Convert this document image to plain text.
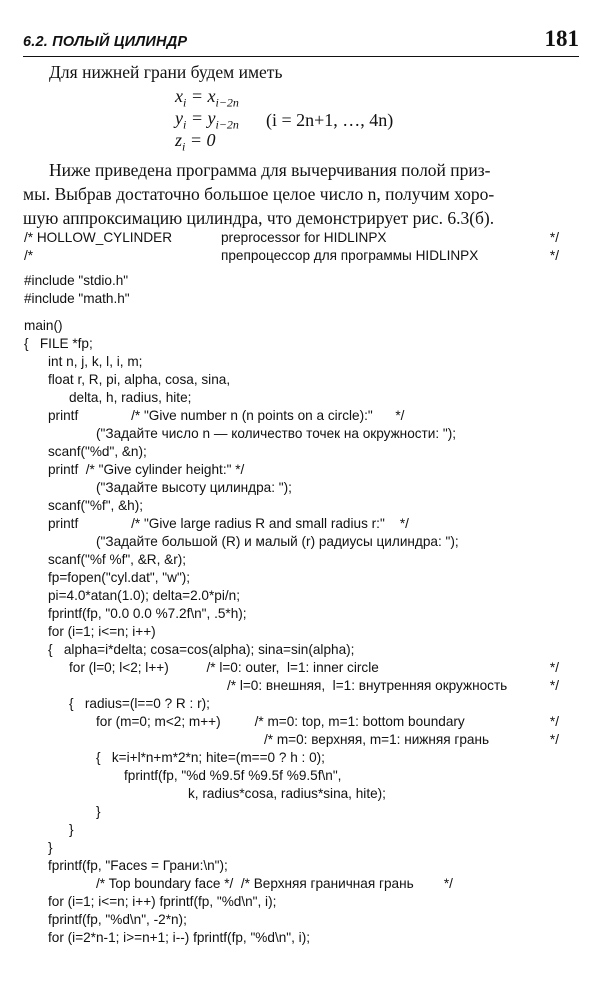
6.2. ПОЛЫЙ ЦИЛИНДР	181
Для нижней грани будем иметь
$x_i = x_{i-2n}$
$y_i = y_{i-2n}$
$z_i = 0$
(i = 2n+1, …, 4n)
Ниже приведена программа для вычерчивания полой приз-
мы. Выбрав достаточно большое целое число n, получим хоро-
шую аппроксимацию цилиндра, что демонстрирует рис. 6.3(б).
/* HOLLOW_CYLINDER	preprocessor for HIDLINPX	*/
/*	препроцессор для программы HIDLINPX	*/
#include "stdio.h"
#include "math.h"
main()
{   FILE *fp;
int n, j, k, l, i, m;
float r, R, pi, alpha, cosa, sina,
delta, h, radius, hite;
printf              /* "Give number n (n points on a circle):"      */
("Задайте число n — количество точек на окружности: ");
scanf("%d", &n);
printf  /* "Give cylinder height:" */
("Задайте высоту цилиндра: ");
scanf("%f", &h);
printf              /* "Give large radius R and small radius r:"    */
("Задайте большой (R) и малый (r) радиусы цилиндра: ");
scanf("%f %f", &R, &r);
fp=fopen("cyl.dat", "w");
pi=4.0*atan(1.0); delta=2.0*pi/n;
fprintf(fp, "0.0 0.0 %7.2f\n", .5*h);
for (i=1; i<=n; i++)
{   alpha=i*delta; cosa=cos(alpha); sina=sin(alpha);
for (l=0; l<2; l++)          /* l=0: outer,  l=1: inner circle	*/
/* l=0: внешняя,  l=1: внутренняя окружность	*/
{   radius=(l==0 ? R : r);
for (m=0; m<2; m++)         /* m=0: top, m=1: bottom boundary	*/
/* m=0: верхняя, m=1: нижняя грань	*/
{   k=i+l*n+m*2*n; hite=(m==0 ? h : 0);
fprintf(fp, "%d %9.5f %9.5f %9.5f\n",
k, radius*cosa, radius*sina, hite);
}
}
}
fprintf(fp, "Faces = Грани:\n");
/* Top boundary face */  /* Верхняя граничная грань        */
for (i=1; i<=n; i++) fprintf(fp, "%d\n", i);
fprintf(fp, "%d\n", -2*n);
for (i=2*n-1; i>=n+1; i--) fprintf(fp, "%d\n", i);
